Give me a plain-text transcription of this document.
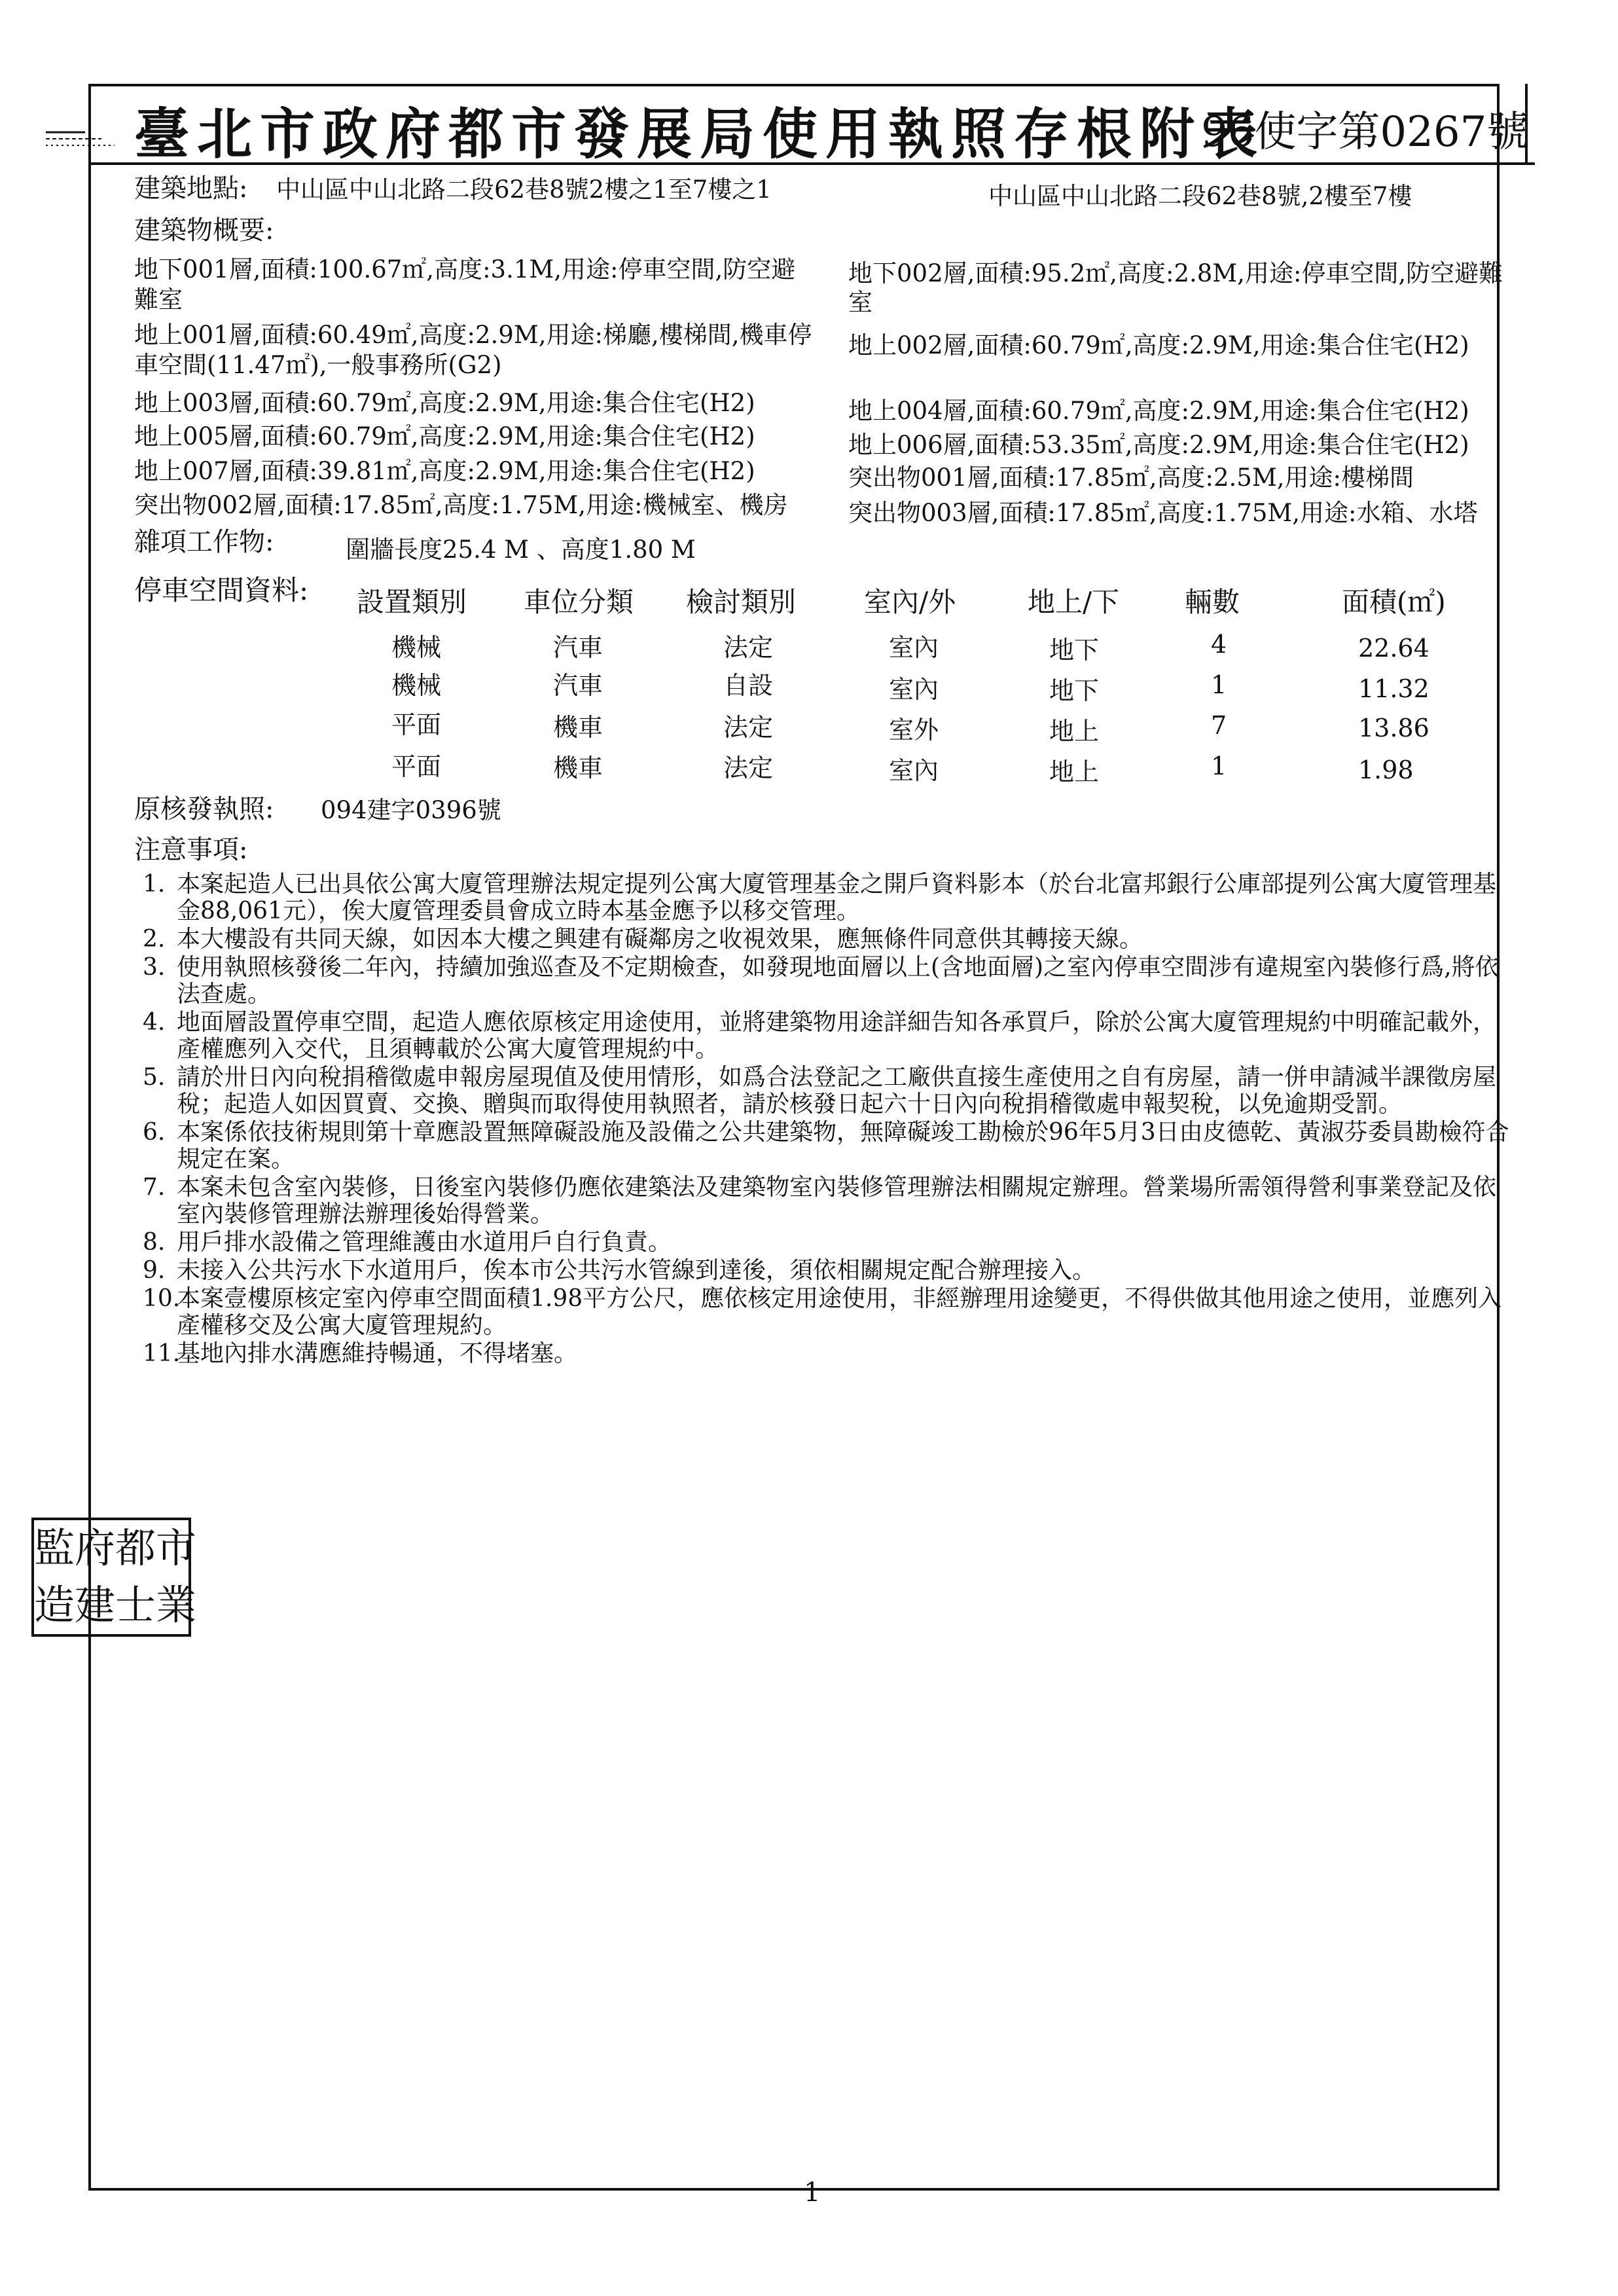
臺北市政府都市發展局使用執照存根附表
96使字第0267號
建築地點: 中山區中山北路二段62巷8號2樓之1至7樓之1	中山區中山北路二段62巷8號,2樓至7樓
建築物概要:
地下001層,面積:100.67㎡,高度:3.1M,用途:停車空間,防空避
難室
地上001層,面積:60.49㎡,高度:2.9M,用途:梯廳,樓梯間,機車停
車空間(11.47㎡),一般事務所(G2)
地上003層,面積:60.79㎡,高度:2.9M,用途:集合住宅(H2)
地上005層,面積:60.79㎡,高度:2.9M,用途:集合住宅(H2)
地上007層,面積:39.81㎡,高度:2.9M,用途:集合住宅(H2)
突出物002層,面積:17.85㎡,高度:1.75M,用途:機械室、機房
地下002層,面積:95.2㎡,高度:2.8M,用途:停車空間,防空避難
室
地上002層,面積:60.79㎡,高度:2.9M,用途:集合住宅(H2)
地上004層,面積:60.79㎡,高度:2.9M,用途:集合住宅(H2)
地上006層,面積:53.35㎡,高度:2.9M,用途:集合住宅(H2)
突出物001層,面積:17.85㎡,高度:2.5M,用途:樓梯間
突出物003層,面積:17.85㎡,高度:1.75M,用途:水箱、水塔
雜項工作物:	圍牆長度25.4 M 、高度1.80 M
停車空間資料: 設置類別 車位分類 檢討類別 室內/外	地上/下 輛數	面積(㎡)
機械	汽車	法定	室內	地下	4	22.64
機械	汽車	自設	室內	地下	1	11.32
平面	機車	法定	室外	地上	7	13.86
平面	機車	法定	室內	地上	1	1.98
原核發執照: 094建字0396號
注意事項:
1. 本案起造人已出具依公寓大廈管理辦法規定提列公寓大廈管理基金之開戶資料影本（於台北富邦銀行公庫部提列公寓大廈管理基金88,061元），俟大廈管理委員會成立時本基金應予以移交管理。
2. 本大樓設有共同天線，如因本大樓之興建有礙鄰房之收視效果，應無條件同意供其轉接天線。
3. 使用執照核發後二年內，持續加強巡查及不定期檢查，如發現地面層以上(含地面層)之室內停車空間涉有違規室內裝修行爲,將依法查處。
4. 地面層設置停車空間，起造人應依原核定用途使用，並將建築物用途詳細告知各承買戶，除於公寓大廈管理規約中明確記載外，產權應列入交代，且須轉載於公寓大廈管理規約中。
5. 請於卅日內向稅捐稽徵處申報房屋現值及使用情形，如爲合法登記之工廠供直接生產使用之自有房屋，請一併申請減半課徵房屋稅；起造人如因買賣、交換、贈與而取得使用執照者，請於核發日起六十日內向稅捐稽徵處申報契稅，以免逾期受罰。
6. 本案係依技術規則第十章應設置無障礙設施及設備之公共建築物，無障礙竣工勘檢於96年5月3日由皮德乾、黃淑芬委員勘檢符合規定在案。
7. 本案未包含室內裝修，日後室內裝修仍應依建築法及建築物室內裝修管理辦法相關規定辦理。營業場所需領得營利事業登記及依室內裝修管理辦法辦理後始得營業。
8. 用戶排水設備之管理維護由水道用戶自行負責。
9. 未接入公共污水下水道用戶，俟本市公共污水管線到達後，須依相關規定配合辦理接入。
10.
本案壹樓原核定室內停車空間面積1.98平方公尺，應依核定用途使用，非經辦理用途變更，不得供做其他用途之使用，並應列入產權移交及公寓大廈管理規約。
11.
基地內排水溝應維持暢通，不得堵塞。
監 府 都 市
造 建 士 業
1
